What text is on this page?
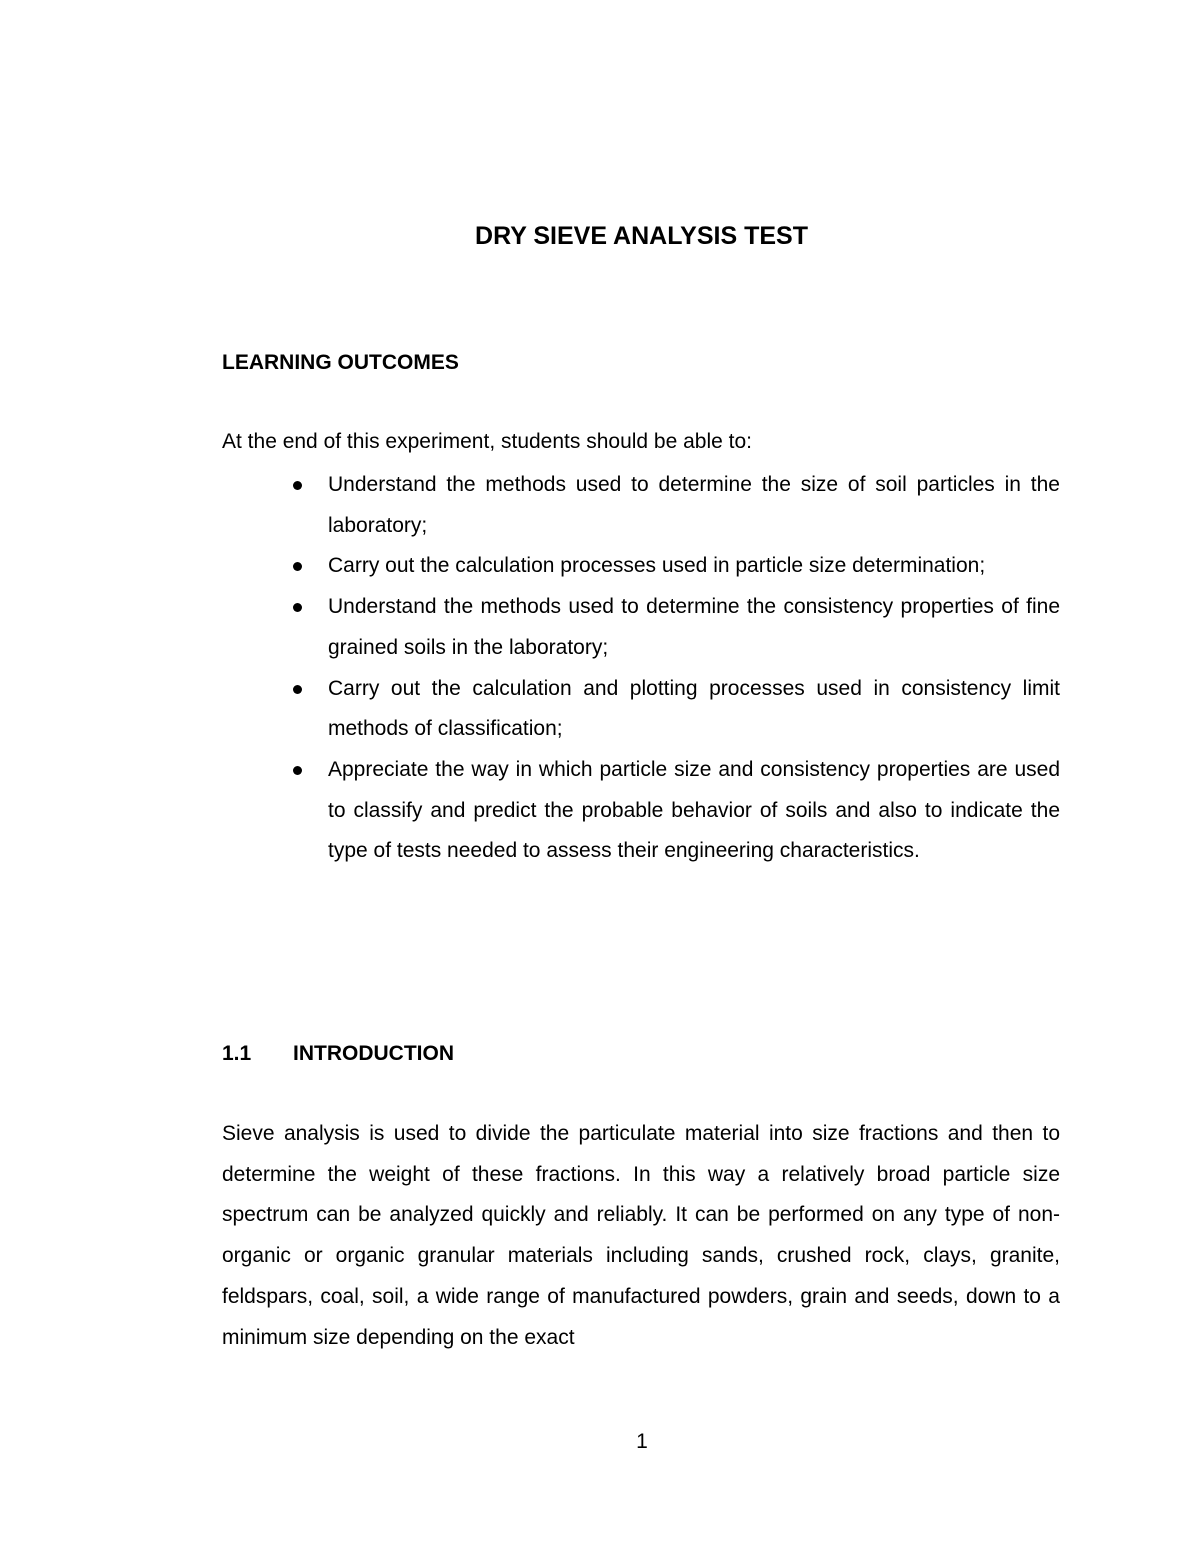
DRY SIEVE ANALYSIS TEST
LEARNING OUTCOMES

At the end of this experiment, students should be able to:

Understand the methods used to determine the size of soil particles in the laboratory;
Carry out the calculation processes used in particle size determination;
Understand the methods used to determine the consistency properties of fine grained soils in the laboratory;
Carry out the calculation and plotting processes used in consistency limit methods of classification;
Appreciate the way in which particle size and consistency properties are used to classify and predict the probable behavior of soils and also to indicate the type of tests needed to assess their engineering characteristics.
1.1 INTRODUCTION

Sieve analysis is used to divide the particulate material into size fractions and then to determine the weight of these fractions. In this way a relatively broad particle size spectrum can be analyzed quickly and reliably. It can be performed on any type of non-organic or organic granular materials including sands, crushed rock, clays, granite, feldspars, coal, soil, a wide range of manufactured powders, grain and seeds, down to a minimum size depending on the exact

1
